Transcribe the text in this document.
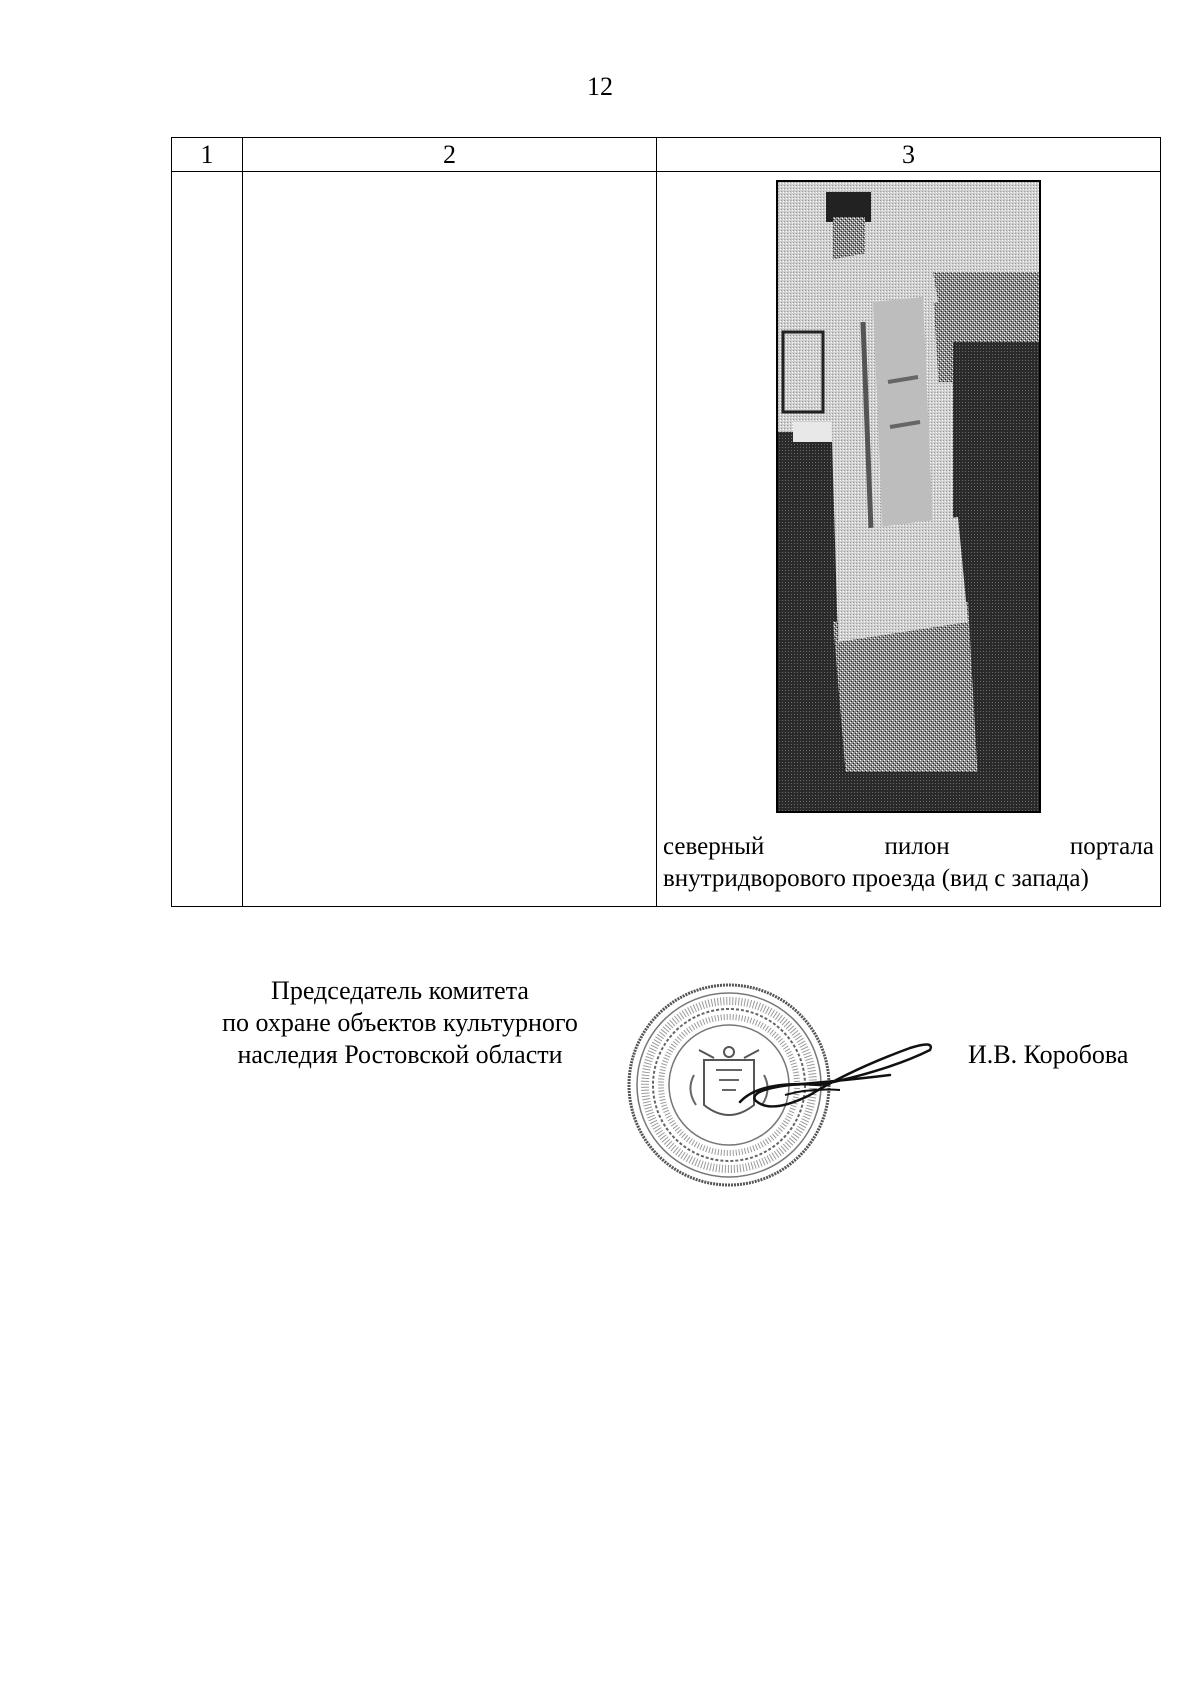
12
1	2	3

		северный пилон портала
внутридворового проезда (вид с запада)
Председатель комитета
по охране объектов культурного
наследия Ростовской области	И.В. Коробова
